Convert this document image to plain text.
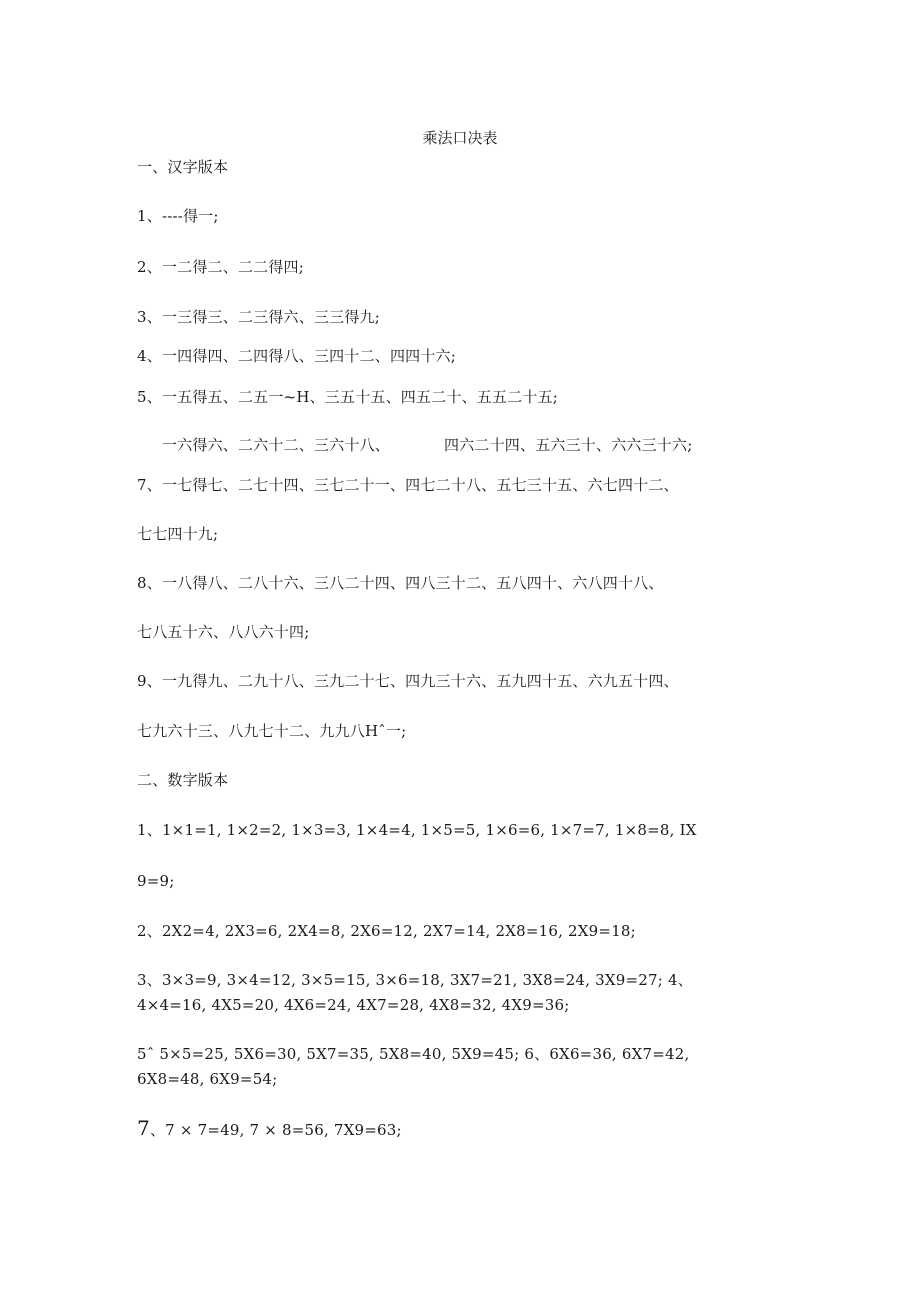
乘法口决表
一、汉字版本
1、----得一;
2、一二得二、二二得四;
3、一三得三、二三得六、三三得九;
4、一四得四、二四得八、三四十二、四四十六;
5、一五得五、二五一~H、三五十五、四五二十、五五二十五;
一六得六、二六十二、三六十八、	四六二十四、五六三十、六六三十六;
7、一七得七、二七十四、三七二十一、四七二十八、五七三十五、六七四十二、
七七四十九;
8、一八得八、二八十六、三八二十四、四八三十二、五八四十、六八四十八、
七八五十六、八八六十四;
9、一九得九、二九十八、三九二十七、四九三十六、五九四十五、六九五十四、
七九六十三、八九七十二、九九八Hˆ一;
二、数字版本
1、1×1=1, 1×2=2, 1×3=3, 1×4=4, 1×5=5, 1×6=6, 1×7=7, 1×8=8, IX
9=9;
2、2X2=4, 2X3=6, 2X4=8, 2X6=12, 2X7=14, 2X8=16, 2X9=18;
3、3×3=9, 3×4=12, 3×5=15, 3×6=18, 3X7=21, 3X8=24, 3X9=27; 4、
4×4=16, 4X5=20, 4X6=24, 4X7=28, 4X8=32, 4X9=36;
5ˆ 5×5=25, 5X6=30, 5X7=35, 5X8=40, 5X9=45; 6、6X6=36, 6X7=42,
6X8=48, 6X9=54;
7、7 × 7=49, 7 × 8=56, 7X9=63;
